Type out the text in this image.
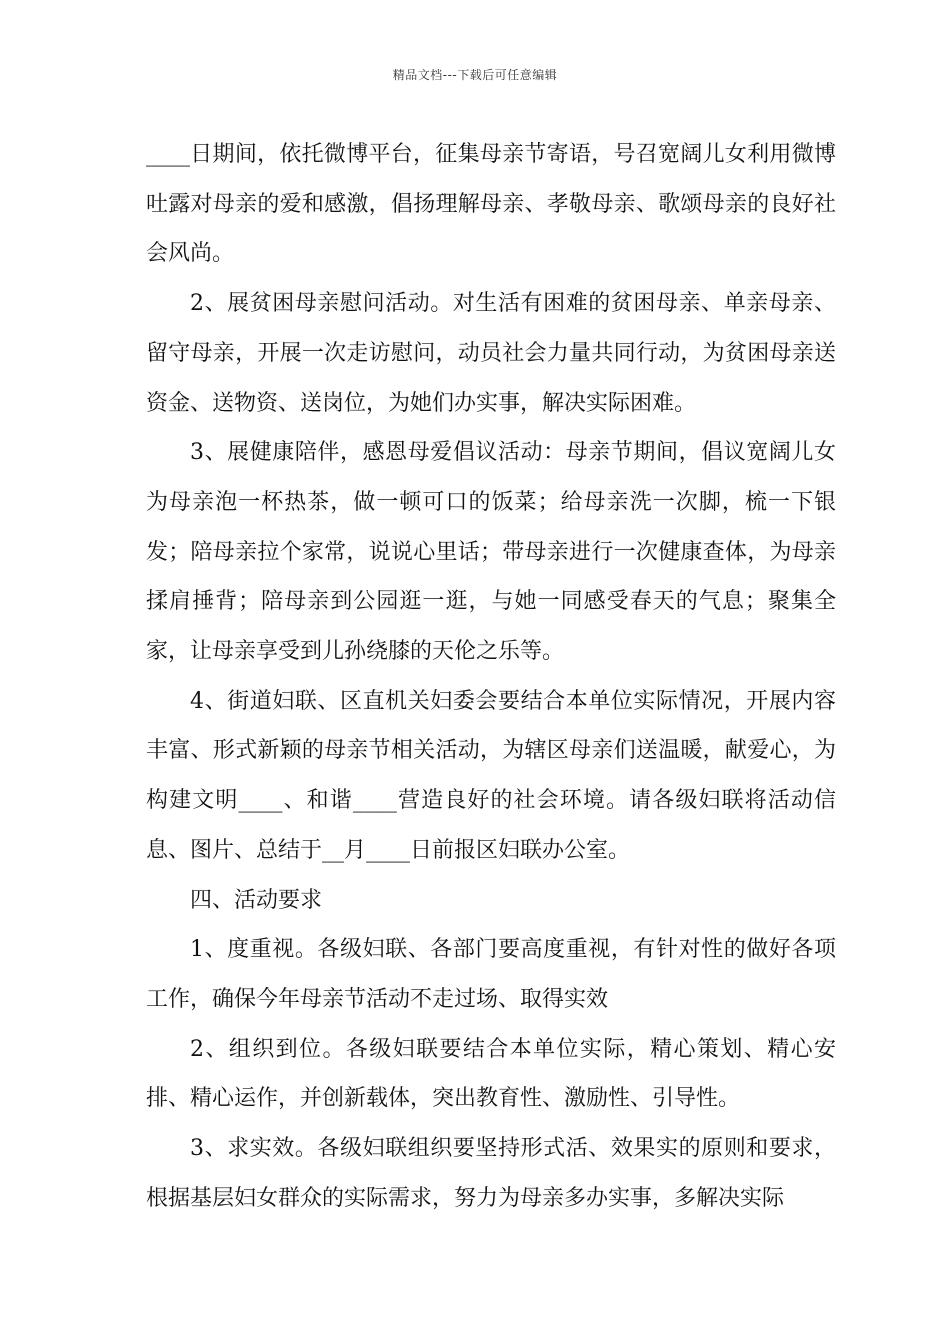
精品文档---下载后可任意编辑

____日期间，依托微博平台，征集母亲节寄语，号召宽阔儿女利用微博吐露对母亲的爱和感激，倡扬理解母亲、孝敬母亲、歌颂母亲的良好社会风尚。

2、展贫困母亲慰问活动。对生活有困难的贫困母亲、单亲母亲、留守母亲，开展一次走访慰问，动员社会力量共同行动，为贫困母亲送资金、送物资、送岗位，为她们办实事，解决实际困难。

3、展健康陪伴，感恩母爱倡议活动：母亲节期间，倡议宽阔儿女为母亲泡一杯热茶，做一顿可口的饭菜；给母亲洗一次脚，梳一下银发；陪母亲拉个家常，说说心里话；带母亲进行一次健康查体，为母亲揉肩捶背；陪母亲到公园逛一逛，与她一同感受春天的气息；聚集全家，让母亲享受到儿孙绕膝的天伦之乐等。

4、街道妇联、区直机关妇委会要结合本单位实际情况，开展内容丰富、形式新颖的母亲节相关活动，为辖区母亲们送温暖，献爱心，为构建文明____、和谐____营造良好的社会环境。请各级妇联将活动信息、图片、总结于__月____日前报区妇联办公室。

四、活动要求

1、度重视。各级妇联、各部门要高度重视，有针对性的做好各项工作，确保今年母亲节活动不走过场、取得实效

2、组织到位。各级妇联要结合本单位实际，精心策划、精心安排、精心运作，并创新载体，突出教育性、激励性、引导性。

3、求实效。各级妇联组织要坚持形式活、效果实的原则和要求，根据基层妇女群众的实际需求，努力为母亲多办实事，多解决实际
